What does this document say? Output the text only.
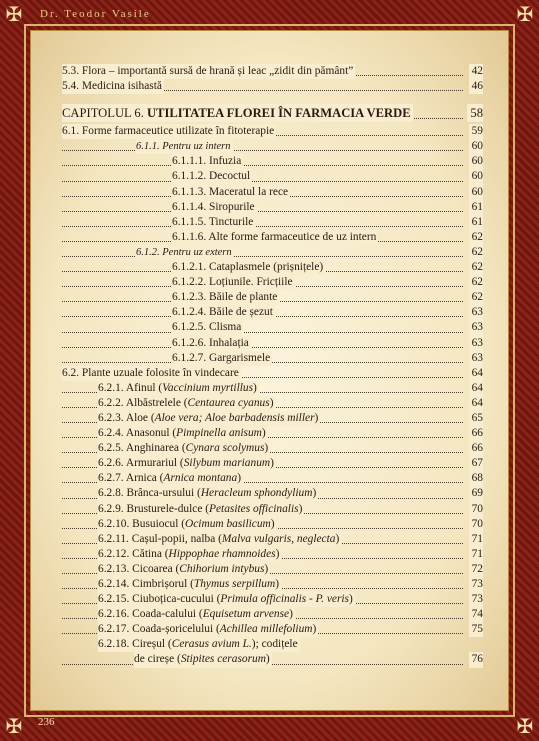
✠	✠
✠	✠
Dr. Teodor Vasile
236
5.3. Flora – importantă sursă de hrană și leac „zidit din pământ”	42
5.4. Medicina isihastă	46
CAPITOLUL 6. UTILITATEA FLOREI ÎN FARMACIA VERDE	58
6.1. Forme farmaceutice utilizate în fitoterapie	59
6.1.1. Pentru uz intern	60
6.1.1.1. Infuzia	60
6.1.1.2. Decoctul	60
6.1.1.3. Maceratul la rece	60
6.1.1.4. Siropurile	61
6.1.1.5. Tincturile	61
6.1.1.6. Alte forme farmaceutice de uz intern	62
6.1.2. Pentru uz extern	62
6.1.2.1. Cataplasmele (prișnițele)	62
6.1.2.2. Loțiunile. Fricțiile	62
6.1.2.3. Băile de plante	62
6.1.2.4. Băile de șezut	63
6.1.2.5. Clisma	63
6.1.2.6. Inhalația	63
6.1.2.7. Gargarismele	63
6.2. Plante uzuale folosite în vindecare	64
6.2.1. Afinul (Vaccinium myrtillus)	64
6.2.2. Albăstrelele (Centaurea cyanus)	64
6.2.3. Aloe (Aloe vera; Aloe barbadensis miller)	65
6.2.4. Anasonul (Pimpinella anisum)	66
6.2.5. Anghinarea (Cynara scolymus)	66
6.2.6. Armurariul (Silybum marianum)	67
6.2.7. Arnica (Arnica montana)	68
6.2.8. Brânca-ursului (Heracleum sphondylium)	69
6.2.9. Brusturele-dulce (Petasites officinalis)	70
6.2.10. Busuiocul (Ocimum basilicum)	70
6.2.11. Cașul-popii, nalba (Malva vulgaris, neglecta)	71
6.2.12. Cătina (Hippophae rhamnoides)	71
6.2.13. Cicoarea (Chihorium intybus)	72
6.2.14. Cimbrișorul (Thymus serpillum)	73
6.2.15. Ciuboțica-cucului (Primula officinalis - P. veris)	73
6.2.16. Coada-calului (Equisetum arvense)	74
6.2.17. Coada-șoricelului (Achillea millefolium)	75
6.2.18. Cireșul (Cerasus avium L.); codițele
de cireșe (Stipites cerasorum)	76
